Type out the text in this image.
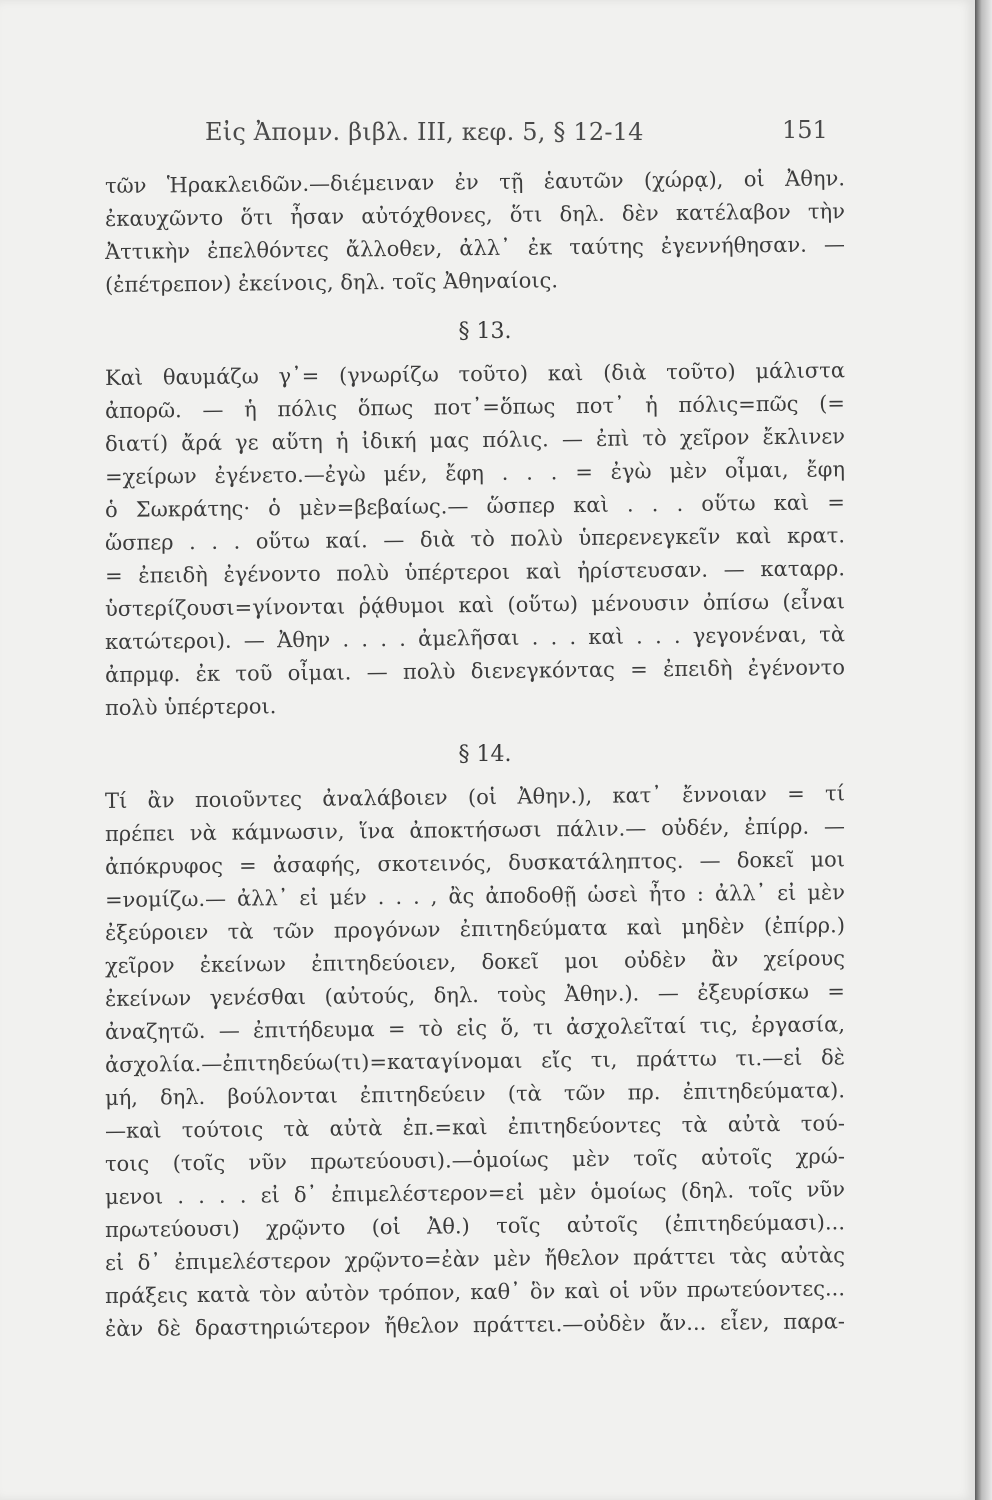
Εἰς Ἀπομν. βιβλ. III, κεφ. 5, § 12-14	151
τῶν Ἡρακλειδῶν.—διέμειναν ἐν τῇ ἑαυτῶν (χώρᾳ), οἱ Ἀθην.
ἐκαυχῶντο ὅτι ἦσαν αὐτόχθονες, ὅτι δηλ. δὲν κατέλαβον τὴν
Ἀττικὴν ἐπελθόντες ἄλλοθεν, ἀλλ᾽ ἐκ ταύτης ἐγεννήθησαν. —
(ἐπέτρεπον) ἐκείνοις, δηλ. τοῖς Ἀθηναίοις.
§ 13.
Καὶ θαυμάζω γ᾽= (γνωρίζω τοῦτο) καὶ (διὰ τοῦτο) μάλιστα
ἀπορῶ. — ἡ πόλις ὅπως ποτ᾽=ὅπως ποτ᾽ ἡ πόλις=πῶς (=
διατί) ἄρά γε αὕτη ἡ ἰδική μας πόλις. — ἐπὶ τὸ χεῖρον ἔκλινεν
=χείρων ἐγένετο.—ἐγὼ μέν, ἔφη . . . = ἐγὼ μὲν οἶμαι, ἔφη
ὁ Σωκράτης· ὁ μὲν=βεβαίως.— ὥσπερ καὶ . . . οὕτω καὶ =
ὥσπερ . . . οὕτω καί. — διὰ τὸ πολὺ ὑπερενεγκεῖν καὶ κρατ.
= ἐπειδὴ ἐγένοντο πολὺ ὑπέρτεροι καὶ ἠρίστευσαν. — καταρρ.
ὑστερίζουσι=γίνονται ῥᾴθυμοι καὶ (οὕτω) μένουσιν ὀπίσω (εἶναι
κατώτεροι). — Ἀθην . . . . ἀμελῆσαι . . . καὶ . . . γεγονέναι, τὰ
ἀπρμφ. ἐκ τοῦ οἶμαι. — πολὺ διενεγκόντας = ἐπειδὴ ἐγένοντο
πολὺ ὑπέρτεροι.
§ 14.
Τί ἂν ποιοῦντες ἀναλάβοιεν (οἱ Ἀθην.), κατ᾽ ἔννοιαν = τί
πρέπει νὰ κάμνωσιν, ἵνα ἀποκτήσωσι πάλιν.— οὐδέν, ἐπίρρ. —
ἀπόκρυφος = ἀσαφής, σκοτεινός, δυσκατάληπτος. — δοκεῖ μοι
=νομίζω.— ἀλλ᾽ εἰ μέν . . . , ἂς ἀποδοθῇ ὡσεὶ ἦτο : ἀλλ᾽ εἰ μὲν
ἐξεύροιεν τὰ τῶν προγόνων ἐπιτηδεύματα καὶ μηδὲν (ἐπίρρ.)
χεῖρον ἐκείνων ἐπιτηδεύοιεν, δοκεῖ μοι οὐδὲν ἂν χείρους
ἐκείνων γενέσθαι (αὐτούς, δηλ. τοὺς Ἀθην.). — ἐξευρίσκω =
ἀναζητῶ. — ἐπιτήδευμα = τὸ εἰς ὅ, τι ἀσχολεῖταί τις, ἐργασία,
ἀσχολία.—ἐπιτηδεύω(τι)=καταγίνομαι εἴς τι, πράττω τι.—εἰ δὲ
μή, δηλ. βούλονται ἐπιτηδεύειν (τὰ τῶν πρ. ἐπιτηδεύματα).
—καὶ τούτοις τὰ αὐτὰ ἐπ.=καὶ ἐπιτηδεύοντες τὰ αὐτὰ τού-
τοις (τοῖς νῦν πρωτεύουσι).—ὁμοίως μὲν τοῖς αὐτοῖς χρώ-
μενοι . . . . εἰ δ᾽ ἐπιμελέστερον=εἰ μὲν ὁμοίως (δηλ. τοῖς νῦν
πρωτεύουσι) χρῷντο (οἱ Ἀθ.) τοῖς αὐτοῖς (ἐπιτηδεύμασι)...
εἰ δ᾽ ἐπιμελέστερον χρῷντο=ἐὰν μὲν ἤθελον πράττει τὰς αὐτὰς
πράξεις κατὰ τὸν αὐτὸν τρόπον, καθ᾽ ὃν καὶ οἱ νῦν πρωτεύοντες...
ἐὰν δὲ δραστηριώτερον ἤθελον πράττει.—οὐδὲν ἄν... εἶεν, παρα-
